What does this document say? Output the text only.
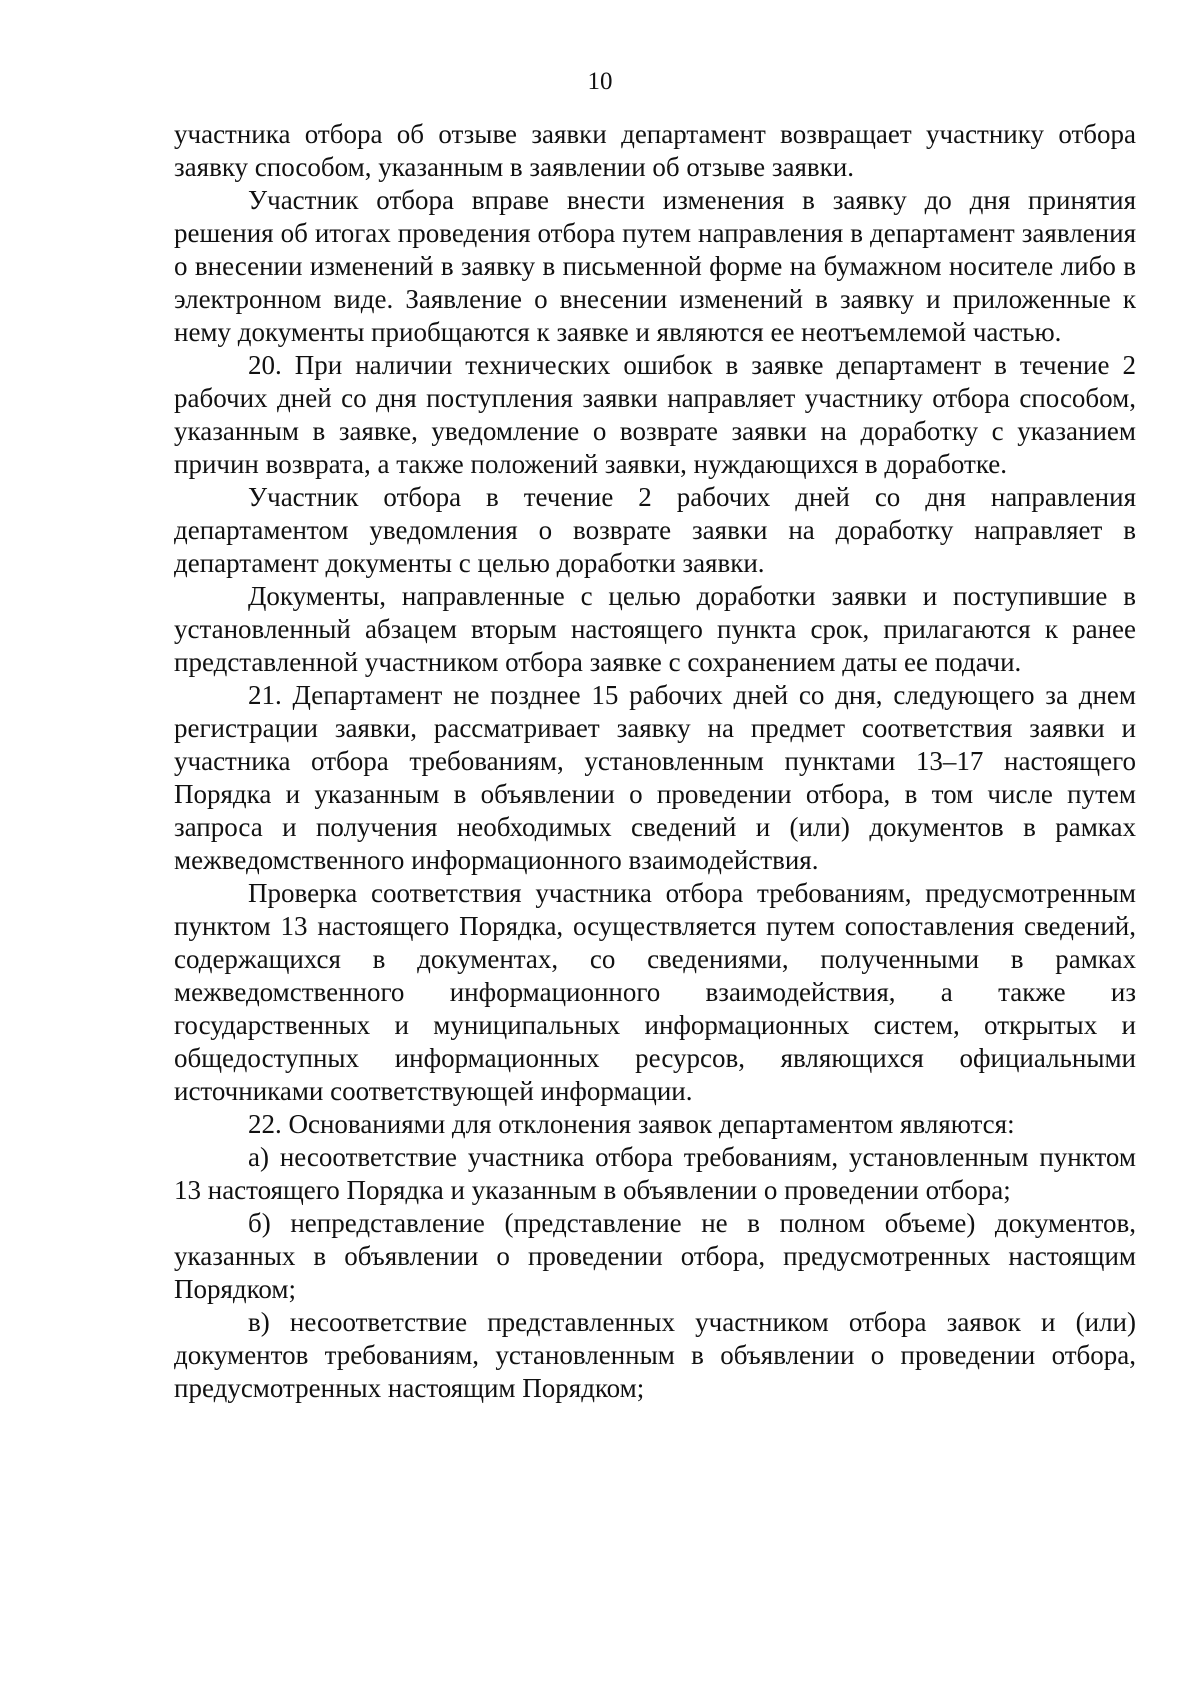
10

участника отбора об отзыве заявки департамент возвращает участнику отбора заявку способом, указанным в заявлении об отзыве заявки.

Участник отбора вправе внести изменения в заявку до дня принятия решения об итогах проведения отбора путем направления в департамент заявления о внесении изменений в заявку в письменной форме на бумажном носителе либо в электронном виде. Заявление о внесении изменений в заявку и приложенные к нему документы приобщаются к заявке и являются ее неотъемлемой частью.

20. При наличии технических ошибок в заявке департамент в течение 2 рабочих дней со дня поступления заявки направляет участнику отбора способом, указанным в заявке, уведомление о возврате заявки на доработку с указанием причин возврата, а также положений заявки, нуждающихся в доработке.

Участник отбора в течение 2 рабочих дней со дня направления департаментом уведомления о возврате заявки на доработку направляет в департамент документы с целью доработки заявки.

Документы, направленные с целью доработки заявки и поступившие в установленный абзацем вторым настоящего пункта срок, прилагаются к ранее представленной участником отбора заявке с сохранением даты ее подачи.

21. Департамент не позднее 15 рабочих дней со дня, следующего за днем регистрации заявки, рассматривает заявку на предмет соответствия заявки и участника отбора требованиям, установленным пунктами 13–17 настоящего Порядка и указанным в объявлении о проведении отбора, в том числе путем запроса и получения необходимых сведений и (или) документов в рамках межведомственного информационного взаимодействия.

Проверка соответствия участника отбора требованиям, предусмотренным пунктом 13 настоящего Порядка, осуществляется путем сопоставления сведений, содержащихся в документах, со сведениями, полученными в рамках межведомственного информационного взаимодействия, а также из государственных и муниципальных информационных систем, открытых и общедоступных информационных ресурсов, являющихся официальными источниками соответствующей информации.

22. Основаниями для отклонения заявок департаментом являются:

а) несоответствие участника отбора требованиям, установленным пунктом 13 настоящего Порядка и указанным в объявлении о проведении отбора;

б) непредставление (представление не в полном объеме) документов, указанных в объявлении о проведении отбора, предусмотренных настоящим Порядком;

в) несоответствие представленных участником отбора заявок и (или) документов требованиям, установленным в объявлении о проведении отбора, предусмотренных настоящим Порядком;
